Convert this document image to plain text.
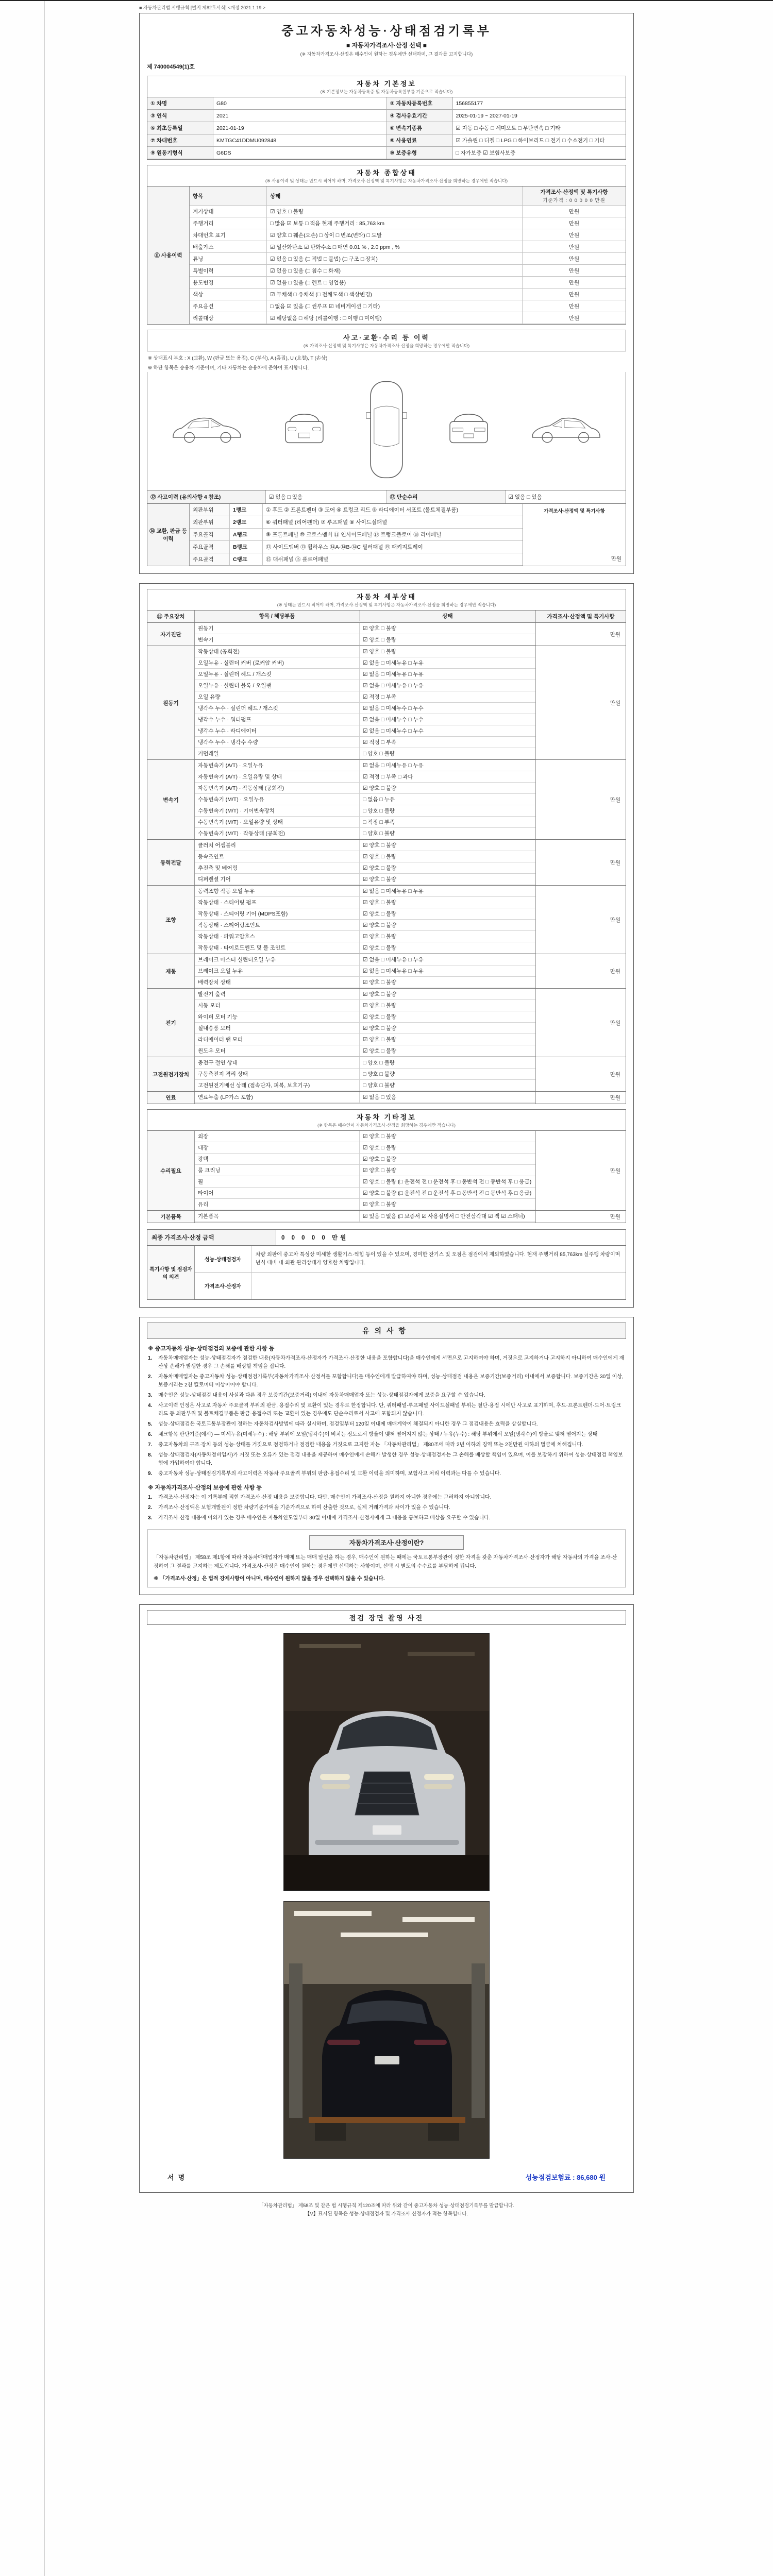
■ 자동차관리법 시행규칙 [별지 제82호서식] <개정 2021.1.19.>
중고자동차성능·상태점검기록부
■ 자동차가격조사·산정 선택 ■
(※ 자동차가격조사·산정은 매수인이 원하는 경우에만 선택하며, 그 결과를 고지합니다)
제 740004549(1)호
자동차 기본정보
(※ 기본정보는 자동차등록증 및 자동차등록원부를 기준으로 적습니다)
① 차명	G80	② 자동차등록번호	156855177
③ 연식	2021	④ 검사유효기간	2025-01-19 ~ 2027-01-19
⑤ 최초등록일	2021-01-19	⑥ 변속기종류	☑ 자동 □ 수동 □ 세미오토 □ 무단변속 □ 기타
⑦ 차대번호	KMTGC41DDMU092848	⑧ 사용연료	☑ 가솔린 □ 디젤 □ LPG □ 하이브리드 □ 전기 □ 수소전기 □ 기타
⑨ 원동기형식	G6DS	⑩ 보증유형	□ 자가보증 ☑ 보험사보증
자동차 종합상태
(※ 사용이력 및 상태는 반드시 적어야 하며, 가격조사·산정액 및 특기사항은 자동차가격조사·산정을 희망하는 경우에만 적습니다)
⑪ 사용이력
항목	상태
가격조사·산정액 및 특기사항
기준가격 : 0 0 0 0 0 만원
계기상태	☑ 양호 □ 불량	만원
주행거리	□ 많음 ☑ 보통 □ 적음 현재 주행거리 : 85,763 km	만원
차대번호 표기	☑ 양호 □ 훼손(오손) □ 상이 □ 변조(변타) □ 도말	만원
배출가스	☑ 일산화탄소 ☑ 탄화수소 □ 매연 0.01 % , 2.0 ppm , %	만원
튜닝	☑ 없음 □ 있음 (□ 적법 □ 불법) (□ 구조 □ 장치)	만원
특별이력	☑ 없음 □ 있음 (□ 침수 □ 화재)	만원
용도변경	☑ 없음 □ 있음 (□ 렌트 □ 영업용)	만원
색상	☑ 무채색 □ 유채색 (□ 전체도색 □ 색상변경)	만원
주요옵션	□ 없음 ☑ 있음 (□ 썬루프 ☑ 네비게이션 □ 기타)	만원
리콜대상	☑ 해당없음 □ 해당 (리콜이행 : □ 이행 □ 미이행)	만원
사고·교환·수리 등 이력
(※ 가격조사·산정액 및 특기사항은 자동차가격조사·산정을 희망하는 경우에만 적습니다)
※ 상태표시 부호 : X (교환), W (판금 또는 용접), C (부식), A (흠집), U (요철), T (손상)
※ 하단 항목은 승용차 기준이며, 기타 자동차는 승용차에 준하여 표시합니다.
⑫ 사고이력 (유의사항 4 참조)	☑ 없음 □ 있음	⑬ 단순수리	☑ 없음 □ 있음
⑭ 교환, 판금 등 이력
외판부위	1랭크	① 후드 ② 프론트펜더 ③ 도어 ④ 트렁크 리드 ⑤ 라디에이터 서포트 (볼트체결부품)
외판부위	2랭크	⑥ 쿼터패널 (리어펜더) ⑦ 루프패널 ⑧ 사이드실패널
주요골격	A랭크	⑨ 프론트패널 ⑩ 크로스멤버 ⑪ 인사이드패널 ⑰ 트렁크플로어 ⑱ 리어패널
주요골격	B랭크	⑫ 사이드멤버 ⑬ 휠하우스 ⑭A·⑭B·⑭C 필러패널 ⑲ 패키지트레이
주요골격	C랭크	⑮ 대쉬패널 ⑯ 플로어패널
가격조사·산정액 및 특기사항
만원
자동차 세부상태
(※ 상태는 반드시 적어야 하며, 가격조사·산정액 및 특기사항은 자동차가격조사·산정을 희망하는 경우에만 적습니다)
⑮ 주요장치	항목 / 해당부품	상태	가격조사·산정액 및 특기사항
자기진단
원동기	☑ 양호 □ 불량
변속기	☑ 양호 □ 불량
만원
원동기
작동상태 (공회전)	☑ 양호 □ 불량
오일누유 · 실린더 커버 (로커암 커버)	☑ 없음 □ 미세누유 □ 누유
오일누유 · 실린더 헤드 / 개스킷	☑ 없음 □ 미세누유 □ 누유
오일누유 · 실린더 블록 / 오일팬	☑ 없음 □ 미세누유 □ 누유
오일 유량	☑ 적정 □ 부족
냉각수 누수 · 실린더 헤드 / 개스킷	☑ 없음 □ 미세누수 □ 누수
냉각수 누수 · 워터펌프	☑ 없음 □ 미세누수 □ 누수
냉각수 누수 · 라디에이터	☑ 없음 □ 미세누수 □ 누수
냉각수 누수 · 냉각수 수량	☑ 적정 □ 부족
커먼레일	□ 양호 □ 불량
만원
변속기
자동변속기 (A/T) · 오일누유	☑ 없음 □ 미세누유 □ 누유
자동변속기 (A/T) · 오일유량 및 상태	☑ 적정 □ 부족 □ 과다
자동변속기 (A/T) · 작동상태 (공회전)	☑ 양호 □ 불량
수동변속기 (M/T) · 오일누유	□ 없음 □ 누유
수동변속기 (M/T) · 기어변속장치	□ 양호 □ 불량
수동변속기 (M/T) · 오일유량 및 상태	□ 적정 □ 부족
수동변속기 (M/T) · 작동상태 (공회전)	□ 양호 □ 불량
만원
동력전달
클러치 어셈블리	☑ 양호 □ 불량
등속조인트	☑ 양호 □ 불량
추진축 및 베어링	☑ 양호 □ 불량
디퍼렌셜 기어	☑ 양호 □ 불량
만원
조향
동력조향 작동 오일 누유	☑ 없음 □ 미세누유 □ 누유
작동상태 · 스티어링 펌프	☑ 양호 □ 불량
작동상태 · 스티어링 기어 (MDPS포함)	☑ 양호 □ 불량
작동상태 · 스티어링조인트	☑ 양호 □ 불량
작동상태 · 파워고압호스	☑ 양호 □ 불량
작동상태 · 타이로드엔드 및 볼 조인트	☑ 양호 □ 불량
만원
제동
브레이크 마스터 실린더오일 누유	☑ 없음 □ 미세누유 □ 누유
브레이크 오일 누유	☑ 없음 □ 미세누유 □ 누유
배력장치 상태	☑ 양호 □ 불량
만원
전기
발전기 출력	☑ 양호 □ 불량
시동 모터	☑ 양호 □ 불량
와이퍼 모터 기능	☑ 양호 □ 불량
실내송풍 모터	☑ 양호 □ 불량
라디에이터 팬 모터	☑ 양호 □ 불량
윈도우 모터	☑ 양호 □ 불량
만원
고전원전기장치
충전구 절연 상태	□ 양호 □ 불량
구동축전지 격리 상태	□ 양호 □ 불량
고전원전기배선 상태 (접속단자, 피복, 보호기구)	□ 양호 □ 불량
만원
연료	연료누출 (LP가스 포함)	☑ 없음 □ 있음	만원
자동차 기타정보
(※ 항목은 매수인이 자동차가격조사·산정을 희망하는 경우에만 적습니다)
수리필요
외장	☑ 양호 □ 불량
내장	☑ 양호 □ 불량
광택	☑ 양호 □ 불량
룸 크리닝	☑ 양호 □ 불량
휠	☑ 양호 □ 불량 (□ 운전석 전 □ 운전석 후 □ 동반석 전 □ 동반석 후 □ 응급)
타이어	☑ 양호 □ 불량 (□ 운전석 전 □ 운전석 후 □ 동반석 전 □ 동반석 후 □ 응급)
유리	☑ 양호 □ 불량
만원
기본품목	기본품목	☑ 있음 □ 없음 (□ 보증서 ☑ 사용설명서 □ 안전삼각대 ☑ 잭 ☑ 스패너)	만원
최종 가격조사·산정 금액	0 0 0 0 0 만원
특기사항 및 점검자의 의견
성능·상태점검자
차량 외판에 중고차 특성상 미세한 생활기스·찍힘 등이 있을 수 있으며, 경미한 잔기스 및 오점은 점검에서 제외하였습니다. 현재 주행거리 85,763km 실주행 차량이며 년식 대비 내·외관 관리상태가 양호한 차량입니다.
가격조사·산정자
유의사항
※ 중고자동차 성능·상태점검의 보증에 관한 사항 등
1.	자동차매매업자는 성능·상태점검자가 점검한 내용(자동차가격조사·산정자가 가격조사·산정한 내용을 포함합니다)을 매수인에게 서면으로 고지하여야 하며, 거짓으로 고지하거나 고지하지 아니하여 매수인에게 재산상 손해가 발생한 경우 그 손해를 배상할 책임을 집니다.
2.	자동차매매업자는 중고자동차 성능·상태점검기록부(자동차가격조사·산정서를 포함합니다)를 매수인에게 발급하여야 하며, 성능·상태점검 내용은 보증기간(보증거리) 이내에서 보증합니다. 보증기간은 30일 이상, 보증거리는 2천 킬로미터 이상이어야 합니다.
3.	매수인은 성능·상태점검 내용이 사실과 다른 경우 보증기간(보증거리) 이내에 자동차매매업자 또는 성능·상태점검자에게 보증을 요구할 수 있습니다.
4.	사고이력 인정은 사고로 자동차 주요골격 부위의 판금, 용접수리 및 교환이 있는 경우로 한정합니다. 단, 쿼터패널·루프패널·사이드실패널 부위는 절단·용접 시에만 사고로 표기하며, 후드·프론트펜더·도어·트렁크리드 등 외판부위 및 볼트체결부품은 판금·용접수리 또는 교환이 있는 경우에도 단순수리로서 사고에 포함되지 않습니다.
5.	성능·상태점검은 국토교통부장관이 정하는 자동차검사방법에 따라 실시하며, 점검일부터 120일 이내에 매매계약이 체결되지 아니한 경우 그 점검내용은 효력을 상실합니다.
6.	체크항목 판단기준(예시) — 미세누유(미세누수) : 해당 부위에 오일(냉각수)이 비치는 정도로서 방울이 맺혀 떨어지지 않는 상태 / 누유(누수) : 해당 부위에서 오일(냉각수)이 방울로 맺혀 떨어지는 상태
7.	중고자동차의 구조·장치 등의 성능·상태를 거짓으로 점검하거나 점검한 내용을 거짓으로 고지한 자는 「자동차관리법」 제80조에 따라 2년 이하의 징역 또는 2천만원 이하의 벌금에 처해집니다.
8.	성능·상태점검자(자동차정비업자)가 거짓 또는 오류가 있는 점검 내용을 제공하여 매수인에게 손해가 발생한 경우 성능·상태점검자는 그 손해를 배상할 책임이 있으며, 이를 보장하기 위하여 성능·상태점검 책임보험에 가입하여야 합니다.
9.	중고자동차 성능·상태점검기록부의 사고이력은 자동차 주요골격 부위의 판금·용접수리 및 교환 이력을 의미하며, 보험사고 처리 이력과는 다를 수 있습니다.
※ 자동차가격조사·산정의 보증에 관한 사항 등
1.	가격조사·산정자는 이 기록부에 적힌 가격조사·산정 내용을 보증합니다. 다만, 매수인이 가격조사·산정을 원하지 아니한 경우에는 그러하지 아니합니다.
2.	가격조사·산정액은 보험개발원이 정한 차량기준가액을 기준가격으로 하여 산출한 것으로, 실제 거래가격과 차이가 있을 수 있습니다.
3.	가격조사·산정 내용에 이의가 있는 경우 매수인은 자동차인도일부터 30일 이내에 가격조사·산정자에게 그 내용을 통보하고 배상을 요구할 수 있습니다.
자동차가격조사·산정이란?
「자동차관리법」 제58조 제1항에 따라 자동차매매업자가 매매 또는 매매 알선을 하는 경우, 매수인이 원하는 때에는 국토교통부장관이 정한 자격을 갖춘 자동차가격조사·산정자가 해당 자동차의 가격을 조사·산정하여 그 결과를 고지하는 제도입니다. 가격조사·산정은 매수인이 원하는 경우에만 선택하는 사항이며, 선택 시 별도의 수수료를 부담하게 됩니다.
※ 「가격조사·산정」은 법적 강제사항이 아니며, 매수인이 원하지 않을 경우 선택하지 않을 수 있습니다.
점검 장면 촬영 사진
서명	성능점검보험료 : 86,680 원
「자동차관리법」 제58조 및 같은 법 시행규칙 제120조에 따라 위와 같이 중고자동차 성능·상태점검기록부를 발급합니다.
【V】표시된 항목은 성능·상태점검자 및 가격조사·산정자가 적는 항목입니다.
